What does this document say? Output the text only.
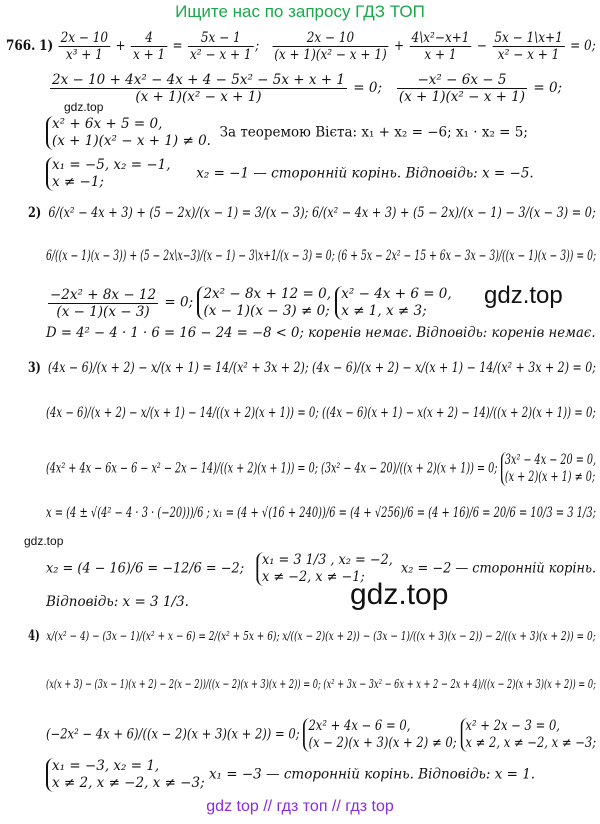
Ищите нас по запросу ГДЗ ТОП
766. $1) \frac{2x - 10}{\text{x³ + 1}} + \frac{4}{x + 1} = \frac{5x - 1}{\text{x² − x + 1}}$ ; $\frac{2x - 10}{\text{(x + 1)(x² − x + 1)}} + \frac{\text{4\textbackslash{}x²−x+1}}{x + 1} - \frac{5x - 1\backslash x+1}{\text{x² − x + 1}} = 0$;
$\frac{\text{2x − 10 + 4x² − 4x + 4 − 5x² − 5x + x + 1}}{\text{(x + 1)(x² − x + 1)}} = 0$; $\frac{\text{−x² − 6x − 5}}{\text{(x + 1)(x² − x + 1)}} = 0$;
gdz.top
x² + 6x + 5 = 0,
(x + 1)(x² − x + 1) ≠ 0.  За теоремою Вієта: x₁ + x₂ = −6; x₁ · x₂ = 5;
x₁ = −5, x₂ = −1,
x ≠ −1;      x₂ = −1 — сторонній корінь. Відповідь: x = −5.
2) 6/(x² − 4x + 3) + (5 − 2x)/(x − 1) = 3/(x − 3); 6/(x² − 4x + 3) + (5 − 2x)/(x − 1) − 3/(x − 3) = 0;
6/((x − 1)(x − 3)) + (5 − 2x\x−3)/(x − 1) − 3\x+1/(x − 3) = 0; (6 + 5x − 2x² − 15 + 6x − 3x − 3)/((x − 1)(x − 3)) = 0;
$\frac{\text{−2x² + 8x − 12}}{(x - 1)(x - 3)} = 0$; 2x² − 8x + 12 = 0,
(x − 1)(x − 3) ≠ 0; x² − 4x + 6 = 0,
x ≠ 1, x ≠ 3;
gdz.top
D = 4² − 4 · 1 · 6 = 16 − 24 = −8 < 0; коренів немає. Відповідь: коренів немає.
3) (4x − 6)/(x + 2) − x/(x + 1) = 14/(x² + 3x + 2); (4x − 6)/(x + 2) − x/(x + 1) − 14/(x² + 3x + 2) = 0;
(4x − 6)/(x + 2) − x/(x + 1) − 14/((x + 2)(x + 1)) = 0; ((4x − 6)(x + 1) − x(x + 2) − 14)/((x + 2)(x + 1)) = 0;
(4x² + 4x − 6x − 6 − x² − 2x − 14)/((x + 2)(x + 1)) = 0; (3x² − 4x − 20)/((x + 2)(x + 1)) = 0; 3x² − 4x − 20 = 0,
(x + 2)(x + 1) ≠ 0;
x = (4 ± √(4² − 4 · 3 · (−20)))/6 ; x₁ = (4 + √(16 + 240))/6 = (4 + √256)/6 = (4 + 16)/6 = 20/6 = 10/3 = 3 1/3;
gdz.top
x₂ = (4 − 16)/6 = −12/6 = −2;   x₁ = 3 1/3 , x₂ = −2,
x ≠ −2, x ≠ −1;  x₂ = −2 — сторонній корінь.
Відповідь: x = 3 1/3.	gdz.top
4) x/(x² − 4) − (3x − 1)/(x² + x − 6) = 2/(x² + 5x + 6); x/((x − 2)(x + 2)) − (3x − 1)/((x + 3)(x − 2)) − 2/((x + 3)(x + 2)) = 0;
(x(x + 3) − (3x − 1)(x + 2) − 2(x − 2))/((x − 2)(x + 3)(x + 2)) = 0; (x² + 3x − 3x² − 6x + x + 2 − 2x + 4)/((x − 2)(x + 3)(x + 2)) = 0;
(−2x² − 4x + 6)/((x − 2)(x + 3)(x + 2)) = 0; 2x² + 4x − 6 = 0,
(x − 2)(x + 3)(x + 2) ≠ 0; x² + 2x − 3 = 0,
x ≠ 2, x ≠ −2, x ≠ −3;
x₁ = −3, x₂ = 1,
x ≠ 2, x ≠ −2, x ≠ −3; x₁ = −3 — сторонній корінь. Відповідь: x = 1.
gdz top // гдз топ // гдз top
